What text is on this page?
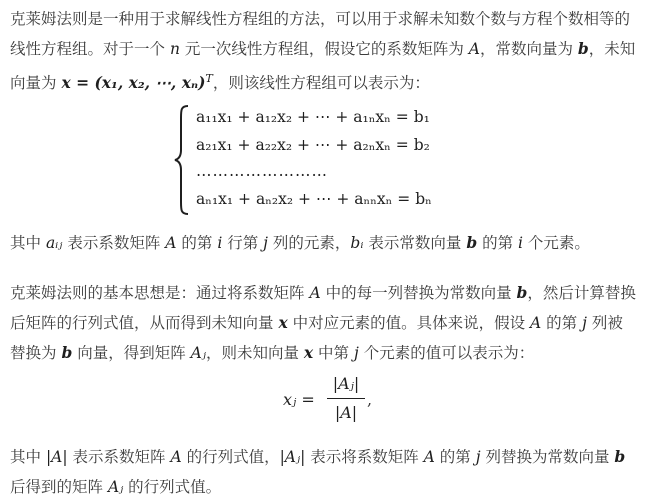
克莱姆法则是一种用于求解线性方程组的方法，可以用于求解未知数个数与方程个数相等的
线性方程组。对于一个 n 元一次线性方程组，假设它的系数矩阵为 A，常数向量为 b，未知
向量为 x = (x₁, x₂, ⋯, xₙ)$^T$，则该线性方程组可以表示为：

a₁₁x₁ + a₁₂x₂ + ⋯ + a₁ₙxₙ = b₁
a₂₁x₁ + a₂₂x₂ + ⋯ + a₂ₙxₙ = b₂
……………………
aₙ₁x₁ + aₙ₂x₂ + ⋯ + aₙₙxₙ = bₙ

其中 aᵢⱼ 表示系数矩阵 A 的第 i 行第 j 列的元素，bᵢ 表示常数向量 b 的第 i 个元素。

克莱姆法则的基本思想是：通过将系数矩阵 A 中的每一列替换为常数向量 b，然后计算替换
后矩阵的行列式值，从而得到未知向量 x 中对应元素的值。具体来说，假设 A 的第 j 列被
替换为 b 向量，得到矩阵 Aⱼ，则未知向量 x 中第 j 个元素的值可以表示为：

xⱼ =
|Aⱼ|
|A|
,

其中 |A| 表示系数矩阵 A 的行列式值，|Aⱼ| 表示将系数矩阵 A 的第 j 列替换为常数向量 b
后得到的矩阵 Aⱼ 的行列式值。
